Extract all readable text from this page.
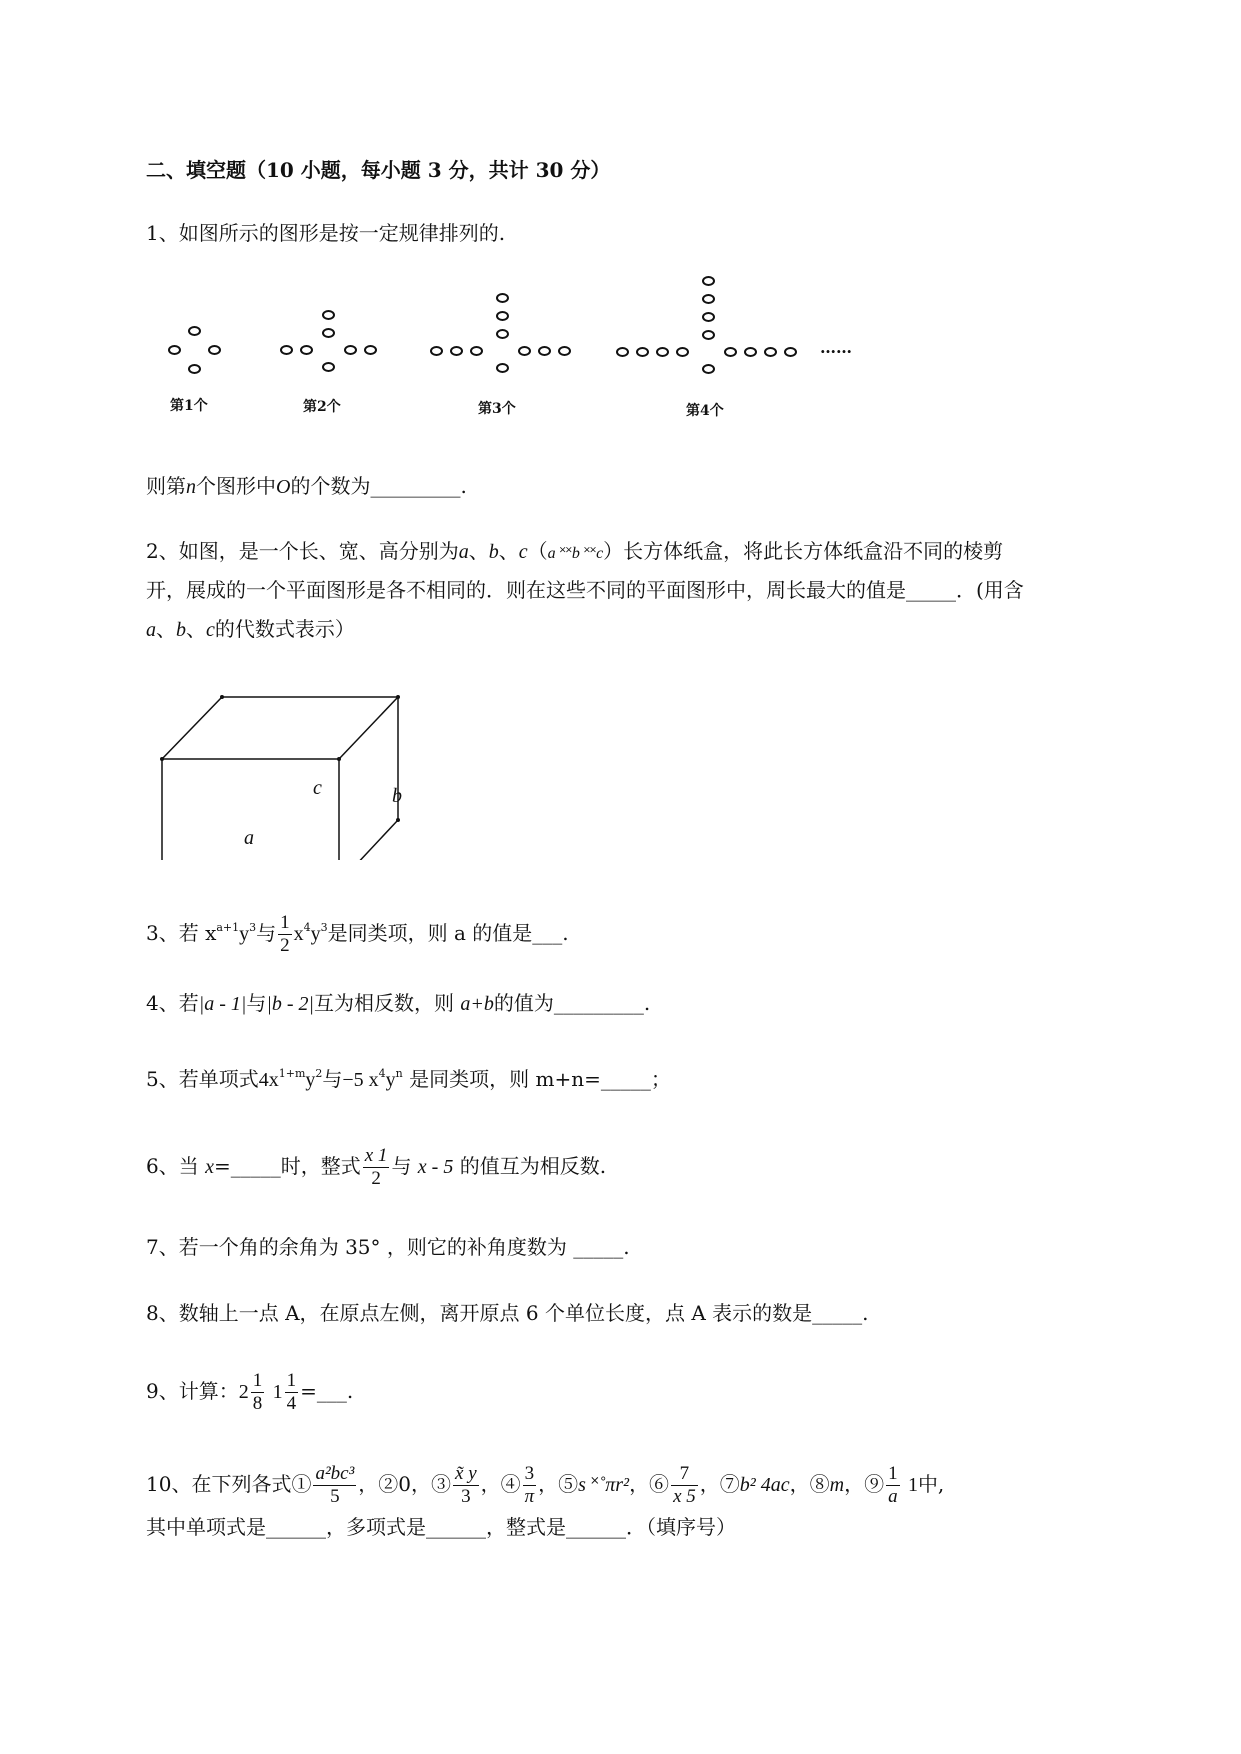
二、填空题（10 小题，每小题 3 分，共计 30 分）
1、如图所示的图形是按一定规律排列的.
……
第1个	第2个	第3个	第4个
则第n个图形中O的个数为_________.
2、如图，是一个长、宽、高分别为a、b、c（a ˟˟b ˟˟c）长方体纸盒，将此长方体纸盒沿不同的棱剪
开，展成的一个平面图形是各不相同的．则在这些不同的平面图形中，周长最大的值是_____．(用含
a、b、c的代数式表示）
c	b
a
3、若 $x^{a+1}y^3$与 $\frac{1}{2} x^4y^3$是同类项，则 a 的值是___.
4、若|a - 1|与|b - 2|互为相反数，则 a+b的值为_________.
5、若单项式$4x^{1+m}y^2$与−5 $x^4y^n$ 是同类项，则 m+n=_____；
6、当 x=_____时，整式 $\frac{x 1}{2}$ 与 x - 5 的值互为相反数.
7、若一个角的余角为 35° ，则它的补角度数为 _____.
8、数轴上一点 A，在原点左侧，离开原点 6 个单位长度，点 A 表示的数是_____.
9、计算：$2 \frac{1}{8} 1 \frac{1}{4}$ =___.
10、在下列各式① $\frac{\text{a²bc³}}{5}$ ，②0，③ $\frac{x̃ y}{3}$ ，④ $\frac{3}{\pi}$ ，⑤s ˟˚πr²，⑥ $\frac{7}{x 5}$ ，⑦b² 4ac，⑧m，⑨ $\frac{1}{a} 1$中,
其中单项式是______，多项式是______，整式是______．（填序号）
